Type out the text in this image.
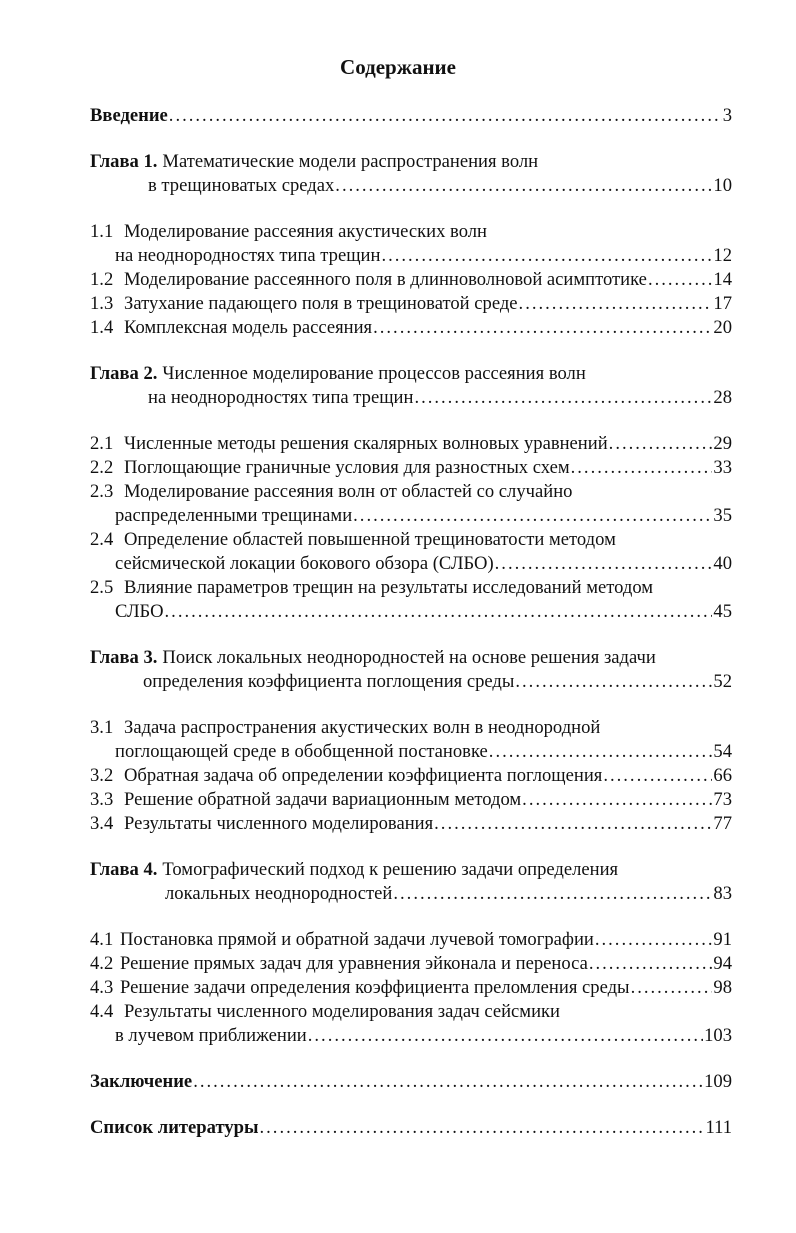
Содержание
Введение .....	3
Глава 1. Математические модели распространения волн
в трещиноватых средах .....	10
1.1 Моделирование рассеяния акустических волн
на неоднородностях типа трещин .....	12
1.2 Моделирование рассеянного поля в длинноволновой асимптотике .....	14
1.3 Затухание падающего поля в трещиноватой среде .....	17
1.4 Комплексная модель рассеяния .....	20
Глава 2. Численное моделирование процессов рассеяния волн
на неоднородностях типа трещин .....	28
2.1 Численные методы решения скалярных волновых уравнений .....	29
2.2 Поглощающие граничные условия для разностных схем .....	33
2.3 Моделирование рассеяния волн от областей со случайно
распределенными трещинами .....	35
2.4 Определение областей повышенной трещиноватости методом
сейсмической локации бокового обзора (СЛБО) .....	40
2.5 Влияние параметров трещин на результаты исследований методом
СЛБО .....	45
Глава 3. Поиск локальных неоднородностей на основе решения задачи
определения коэффициента поглощения среды .....	52
3.1 Задача распространения акустических волн в неоднородной
поглощающей среде в обобщенной постановке .....	54
3.2 Обратная задача об определении коэффициента поглощения .....	66
3.3 Решение обратной задачи вариационным методом .....	73
3.4 Результаты численного моделирования .....	77
Глава 4. Томографический подход к решению задачи определения
локальных неоднородностей .....	83
4.1 Постановка прямой и обратной задачи лучевой томографии .....	91
4.2 Решение прямых задач для уравнения эйконала и переноса .....	94
4.3 Решение задачи определения коэффициента преломления среды .....	98
4.4 Результаты численного моделирования задач сейсмики
в лучевом приближении .....	103
Заключение .....	109
Список литературы .....	111
